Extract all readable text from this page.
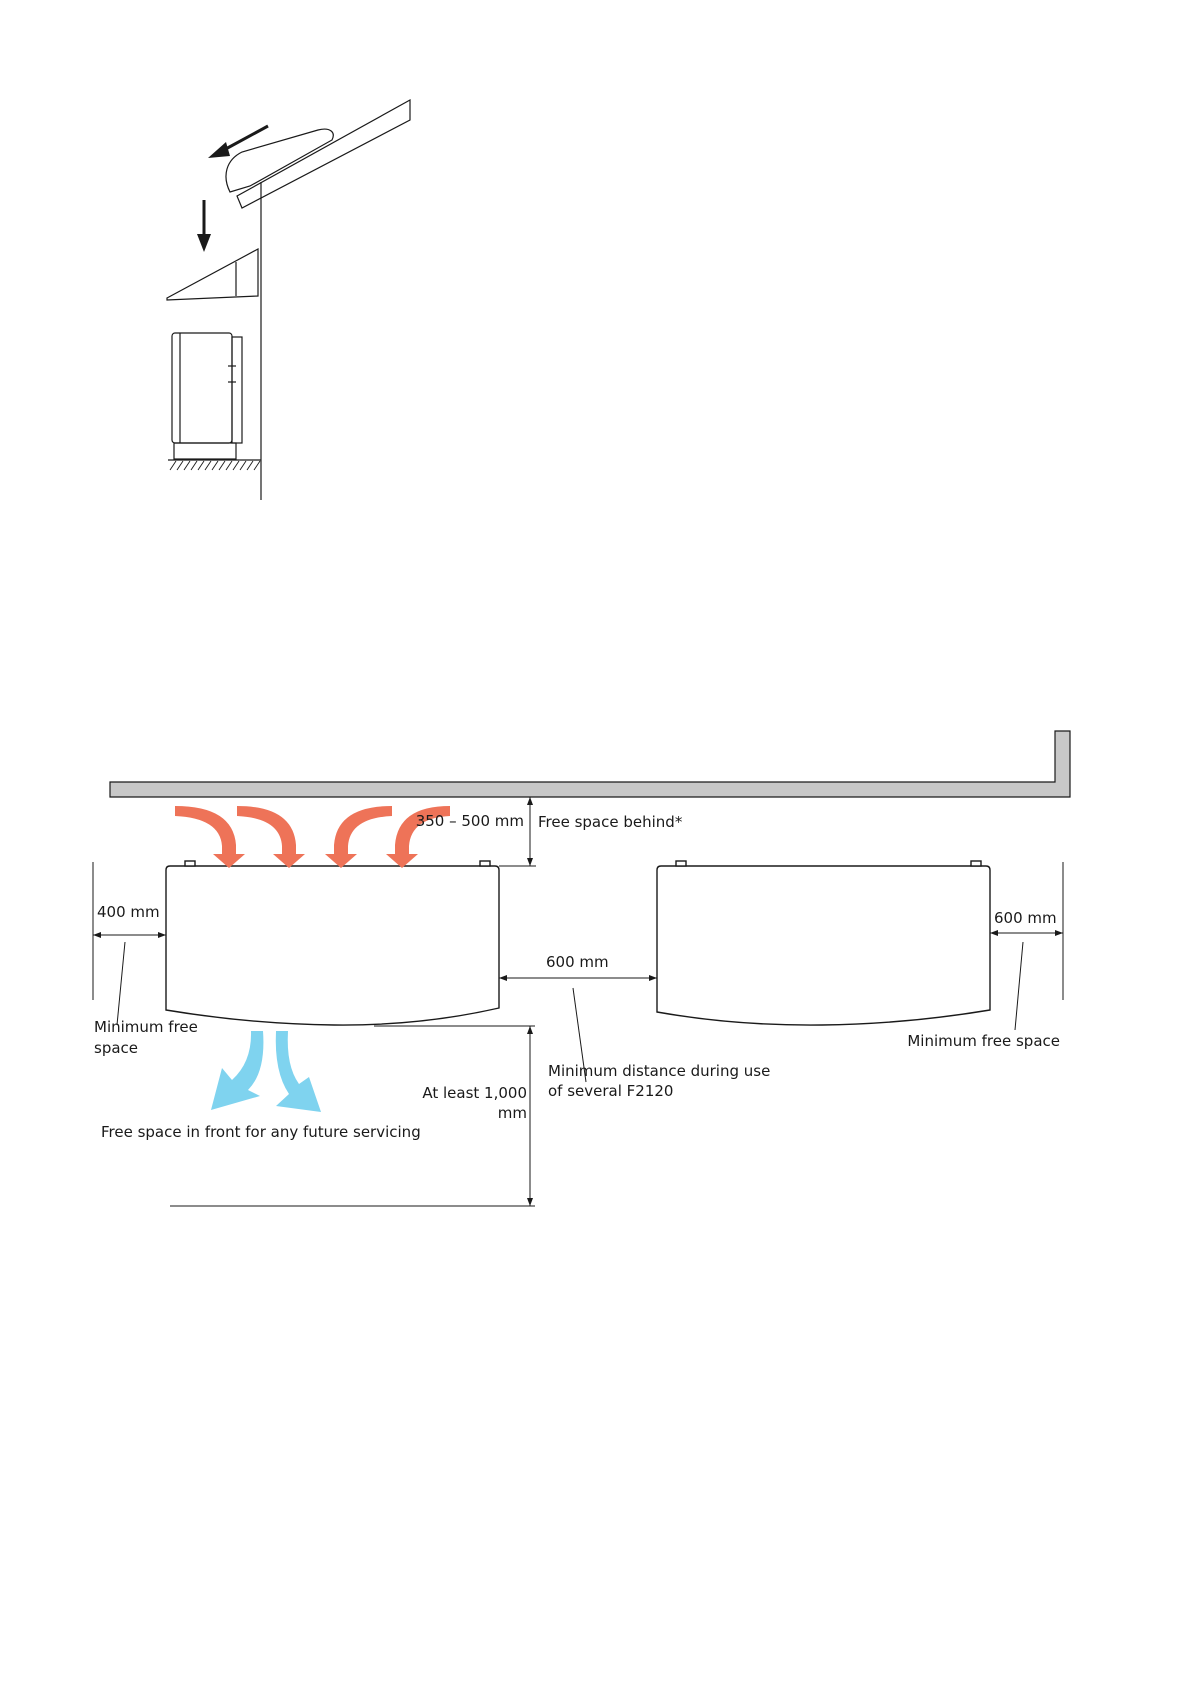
350 – 500 mm Free space behind*
400 mm
Minimum free
space
600 mm
Minimum distance during use
of several F2120
600 mm
Minimum free space
At least 1,000
mm
Free space in front for any future servicing
